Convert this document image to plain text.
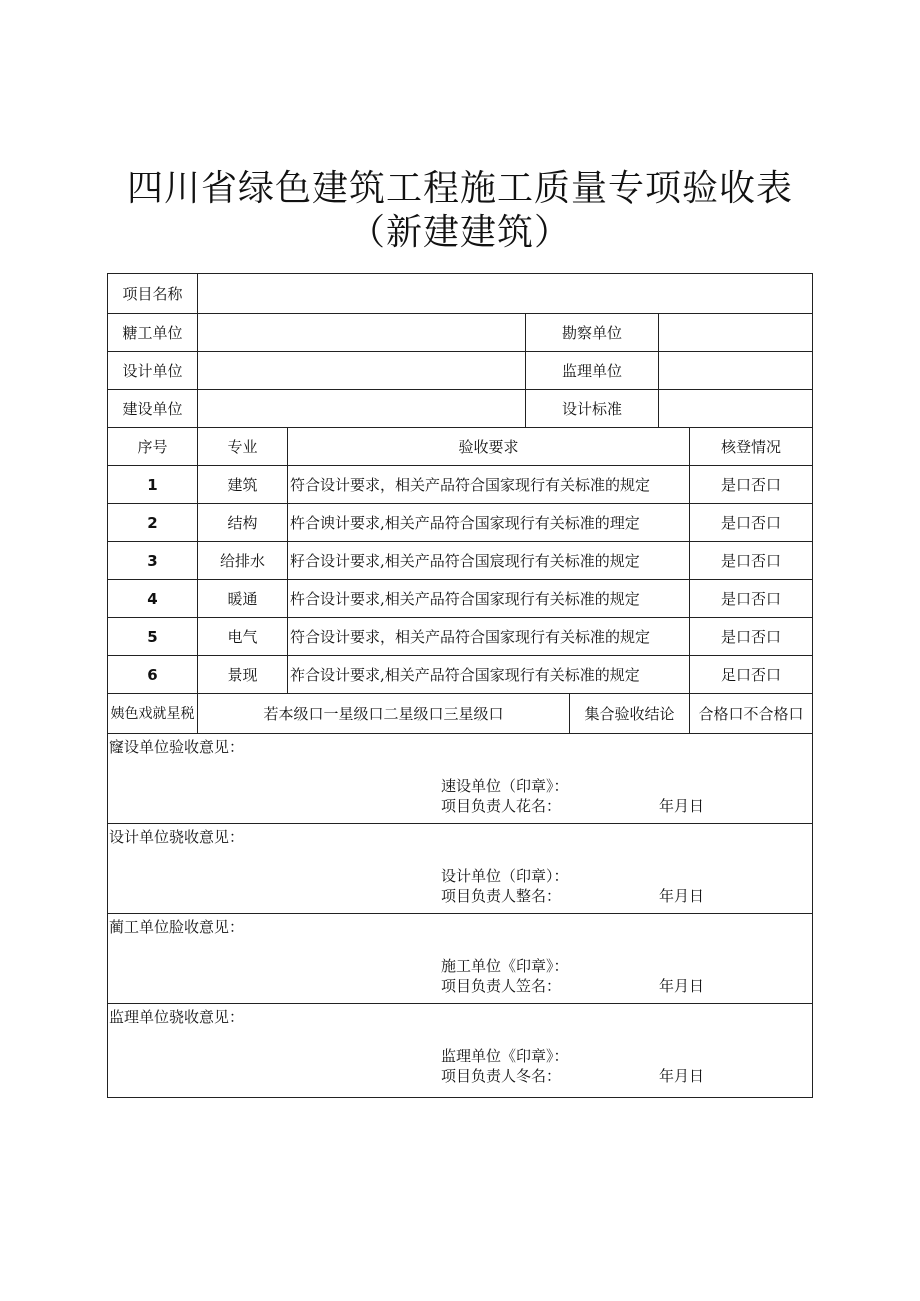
四川省绿色建筑工程施工质量专项验收表
（新建建筑）
项目名称						
糖工单位			勘察单位			
设计单位			监理单位			
建设单位			设计标准			
序号	专业	验收要求				核登情况
1	建筑	符合设计要求，相关产品符合国家现行有关标准的规定				是口否口
2	结构	杵合谀计要求,相关产品符合国家现行有关标准的理定				是口否口
3	给排水	籽合设计要求,相关产品符合国宸现行有关标准的规定				是口否口
4	暖通	杵合设计要求,相关产品符合国家现行有关标准的规定				是口否口
5	电气	符合设计要求，相关产品符合国家现行有关标准的规定				是口否口
6	景现	祚合设计要求,相关产品符合国家现行有关标准的规定				足口否口
姨色戏就星税	若本级口一星级口二星级口三星级口			集合验收结论		合格口不合格口

窿设单位验收意见：
速设单位（印章》：
项目负责人花名： 年月日						

设计单位骁收意见：
设计单位（印章）：
项目负责人整名： 年月日						

蔺工单位脸收意见：
施工单位《印章》：
项目负责人笠名： 年月日						

监理单位骁收意见：
监理单位《印章》：
项目负责人冬名： 年月日						
